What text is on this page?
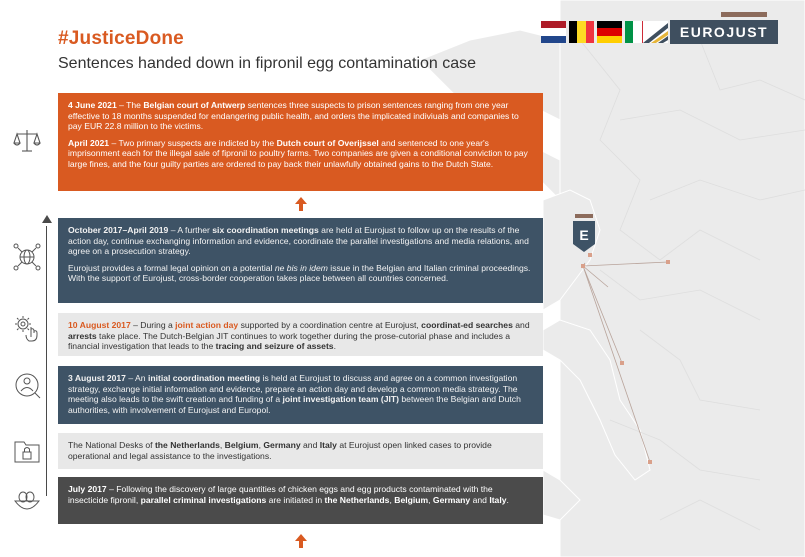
#JusticeDone
Sentences handed down in fipronil egg contamination case
EUROJUST
E

4 June 2021 – The Belgian court of Antwerp sentences three suspects to prison sentences ranging from one year effective to 18 months suspended for endangering public health, and orders the implicated indiviuals and companies to pay EUR 22.8 million to the victims.

April 2021 – Two primary suspects are indicted by the Dutch court of Overijssel and sentenced to one year's imprisonment each for the illegal sale of fipronil to poultry farms. Two companies are given a conditional conviction to pay large fines, and the four guilty parties are ordered to pay back their unlawfully obtained gains to the Dutch State.

October 2017–April 2019 – A further six coordination meetings are held at Eurojust to follow up on the results of the action day, continue exchanging information and evidence, coordinate the parallel investigations and media relations, and agree on a prosecution strategy.

Eurojust provides a formal legal opinion on a potential ne bis in idem issue in the Belgian and Italian criminal proceedings. With the support of Eurojust, cross-border cooperation takes place between all countries concerned.

10 August 2017 – During a joint action day supported by a coordination centre at Eurojust, coordinat-ed searches and arrests take place. The Dutch-Belgian JIT continues to work together during the prose-cutorial phase and includes a financial investigation that leads to the tracing and seizure of assets.

3 August 2017 – An initial coordination meeting is held at Eurojust to discuss and agree on a common investigation strategy, exchange initial information and evidence, prepare an action day and develop a common media strategy. The meeting also leads to the swift creation and funding of a joint investigation team (JIT) between the Belgian and Dutch authorities, with involvement of Eurojust and Europol.

The National Desks of the Netherlands, Belgium, Germany and Italy at Eurojust open linked cases to provide operational and legal assistance to the investigations.

July 2017 – Following the discovery of large quantities of chicken eggs and egg products contaminated with the insecticide fipronil, parallel criminal investigations are initiated in the Netherlands, Belgium, Germany and Italy.
